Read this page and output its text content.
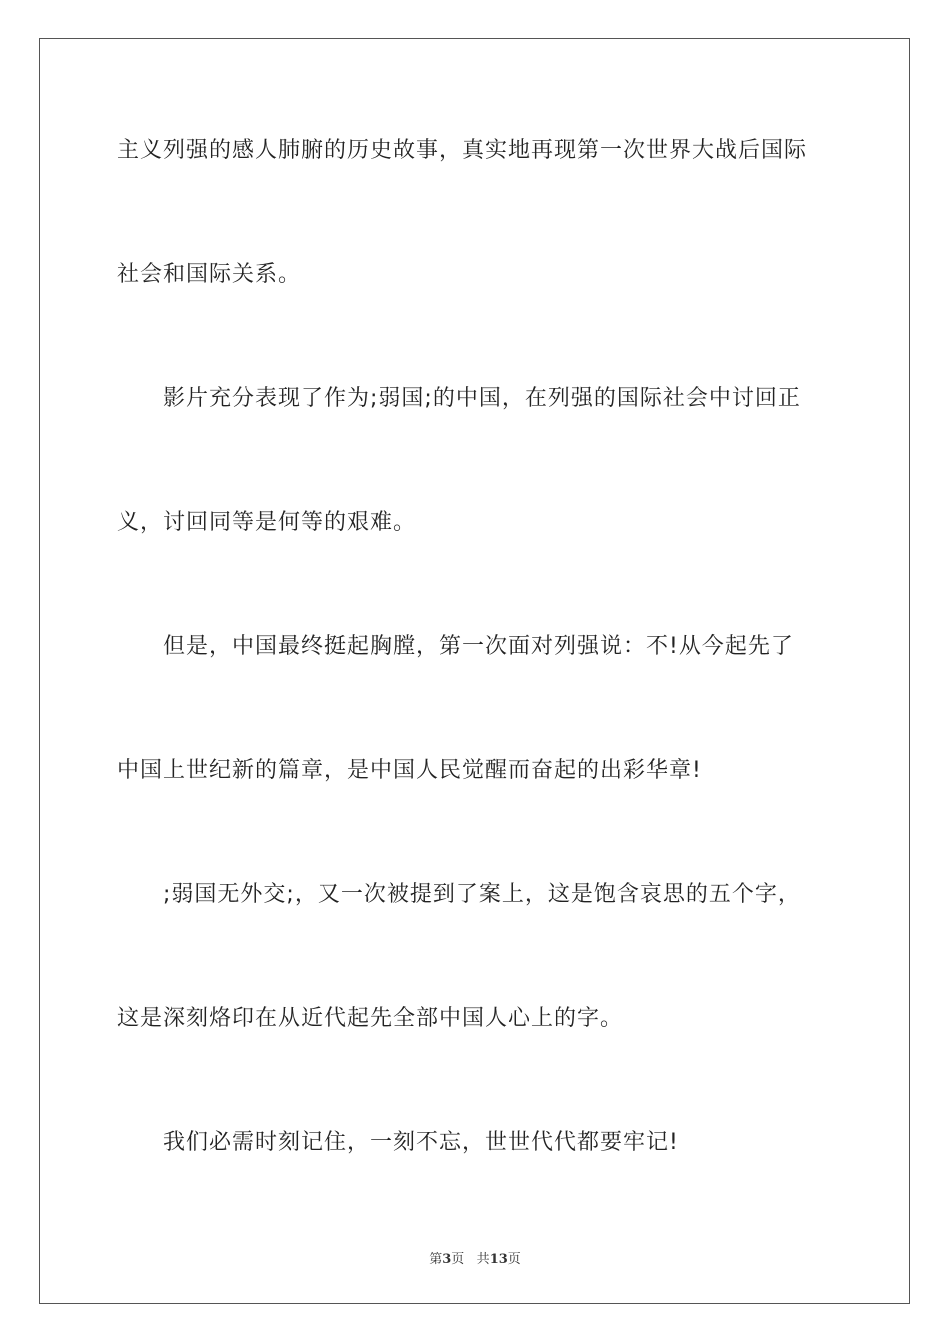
主义列强的感人肺腑的历史故事，真实地再现第一次世界大战后国际
社会和国际关系。
影片充分表现了作为;弱国;的中国，在列强的国际社会中讨回正
义，讨回同等是何等的艰难。
但是，中国最终挺起胸膛，第一次面对列强说：不!从今起先了
中国上世纪新的篇章，是中国人民觉醒而奋起的出彩华章!
;弱国无外交;，又一次被提到了案上，这是饱含哀思的五个字，
这是深刻烙印在从近代起先全部中国人心上的字。
我们必需时刻记住，一刻不忘，世世代代都要牢记!
第3页 共13页
